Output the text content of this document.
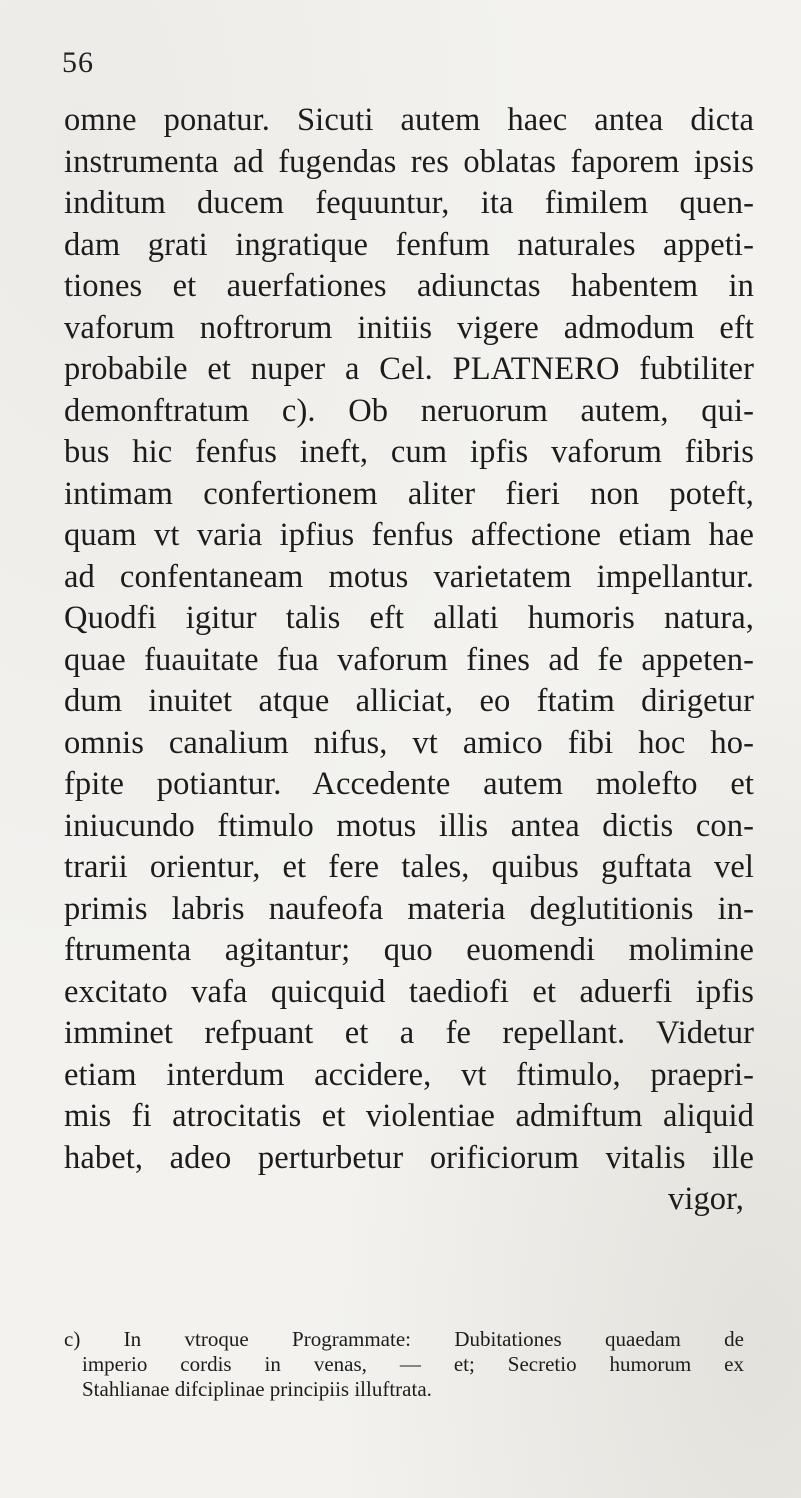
56
omne ponatur. Sicuti autem haec antea dicta
instrumenta ad fugendas res oblatas faporem ipsis
inditum ducem fequuntur, ita fimilem quen-
dam grati ingratique fenfum naturales appeti-
tiones et auerfationes adiunctas habentem in
vaforum noftrorum initiis vigere admodum eft
probabile et nuper a Cel. PLATNERO fubtiliter
demonftratum c). Ob neruorum autem, qui-
bus hic fenfus ineft, cum ipfis vaforum fibris
intimam confertionem aliter fieri non poteft,
quam vt varia ipfius fenfus affectione etiam hae
ad confentaneam motus varietatem impellantur.
Quodfi igitur talis eft allati humoris natura,
quae fuauitate fua vaforum fines ad fe appeten-
dum inuitet atque alliciat, eo ftatim dirigetur
omnis canalium nifus, vt amico fibi hoc ho-
fpite potiantur. Accedente autem molefto et
iniucundo ftimulo motus illis antea dictis con-
trarii orientur, et fere tales, quibus guftata vel
primis labris naufeofa materia deglutitionis in-
ftrumenta agitantur; quo euomendi molimine
excitato vafa quicquid taediofi et aduerfi ipfis
imminet refpuant et a fe repellant. Videtur
etiam interdum accidere, vt ftimulo, praepri-
mis fi atrocitatis et violentiae admiftum aliquid
habet, adeo perturbetur orificiorum vitalis ille
vigor,
c) In vtroque Programmate: Dubitationes quaedam de
imperio cordis in venas, — et; Secretio humorum ex
Stahlianae difciplinae principiis illuftrata.
